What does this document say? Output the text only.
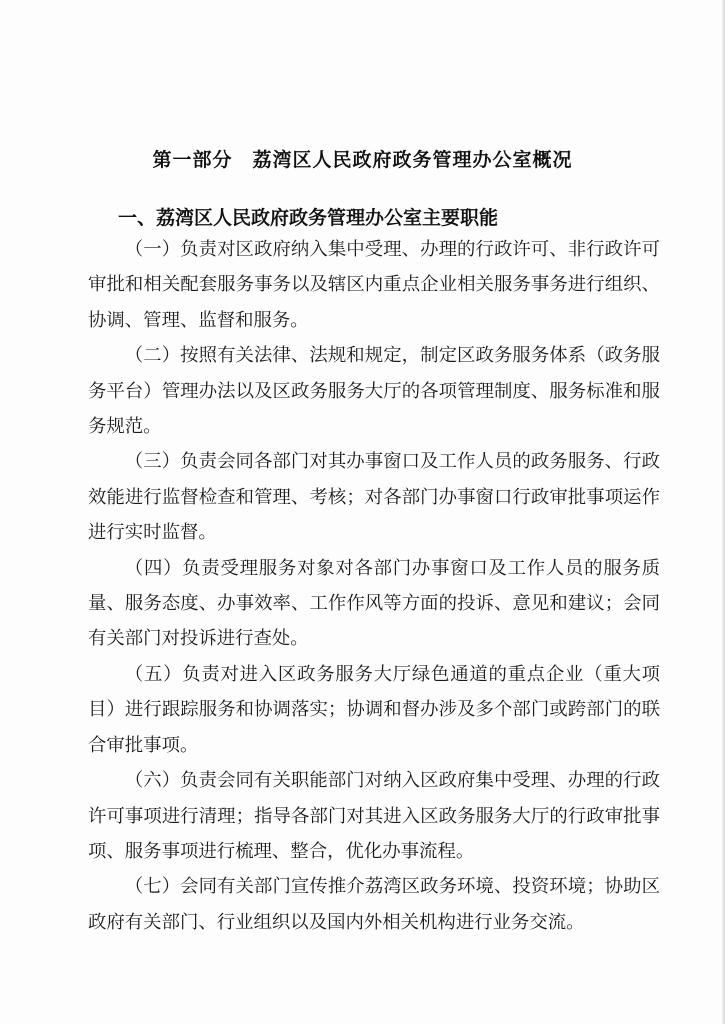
第一部分　荔湾区人民政府政务管理办公室概况
一、荔湾区人民政府政务管理办公室主要职能

（一）负责对区政府纳入集中受理、办理的行政许可、非行政许可审批和相关配套服务事务以及辖区内重点企业相关服务事务进行组织、协调、管理、监督和服务。

（二）按照有关法律、法规和规定，制定区政务服务体系（政务服务平台）管理办法以及区政务服务大厅的各项管理制度、服务标准和服务规范。

（三）负责会同各部门对其办事窗口及工作人员的政务服务、行政效能进行监督检查和管理、考核；对各部门办事窗口行政审批事项运作进行实时监督。

（四）负责受理服务对象对各部门办事窗口及工作人员的服务质量、服务态度、办事效率、工作作风等方面的投诉、意见和建议；会同有关部门对投诉进行查处。

（五）负责对进入区政务服务大厅绿色通道的重点企业（重大项目）进行跟踪服务和协调落实；协调和督办涉及多个部门或跨部门的联合审批事项。

（六）负责会同有关职能部门对纳入区政府集中受理、办理的行政许可事项进行清理；指导各部门对其进入区政务服务大厅的行政审批事项、服务事项进行梳理、整合，优化办事流程。

（七）会同有关部门宣传推介荔湾区政务环境、投资环境；协助区政府有关部门、行业组织以及国内外相关机构进行业务交流。
